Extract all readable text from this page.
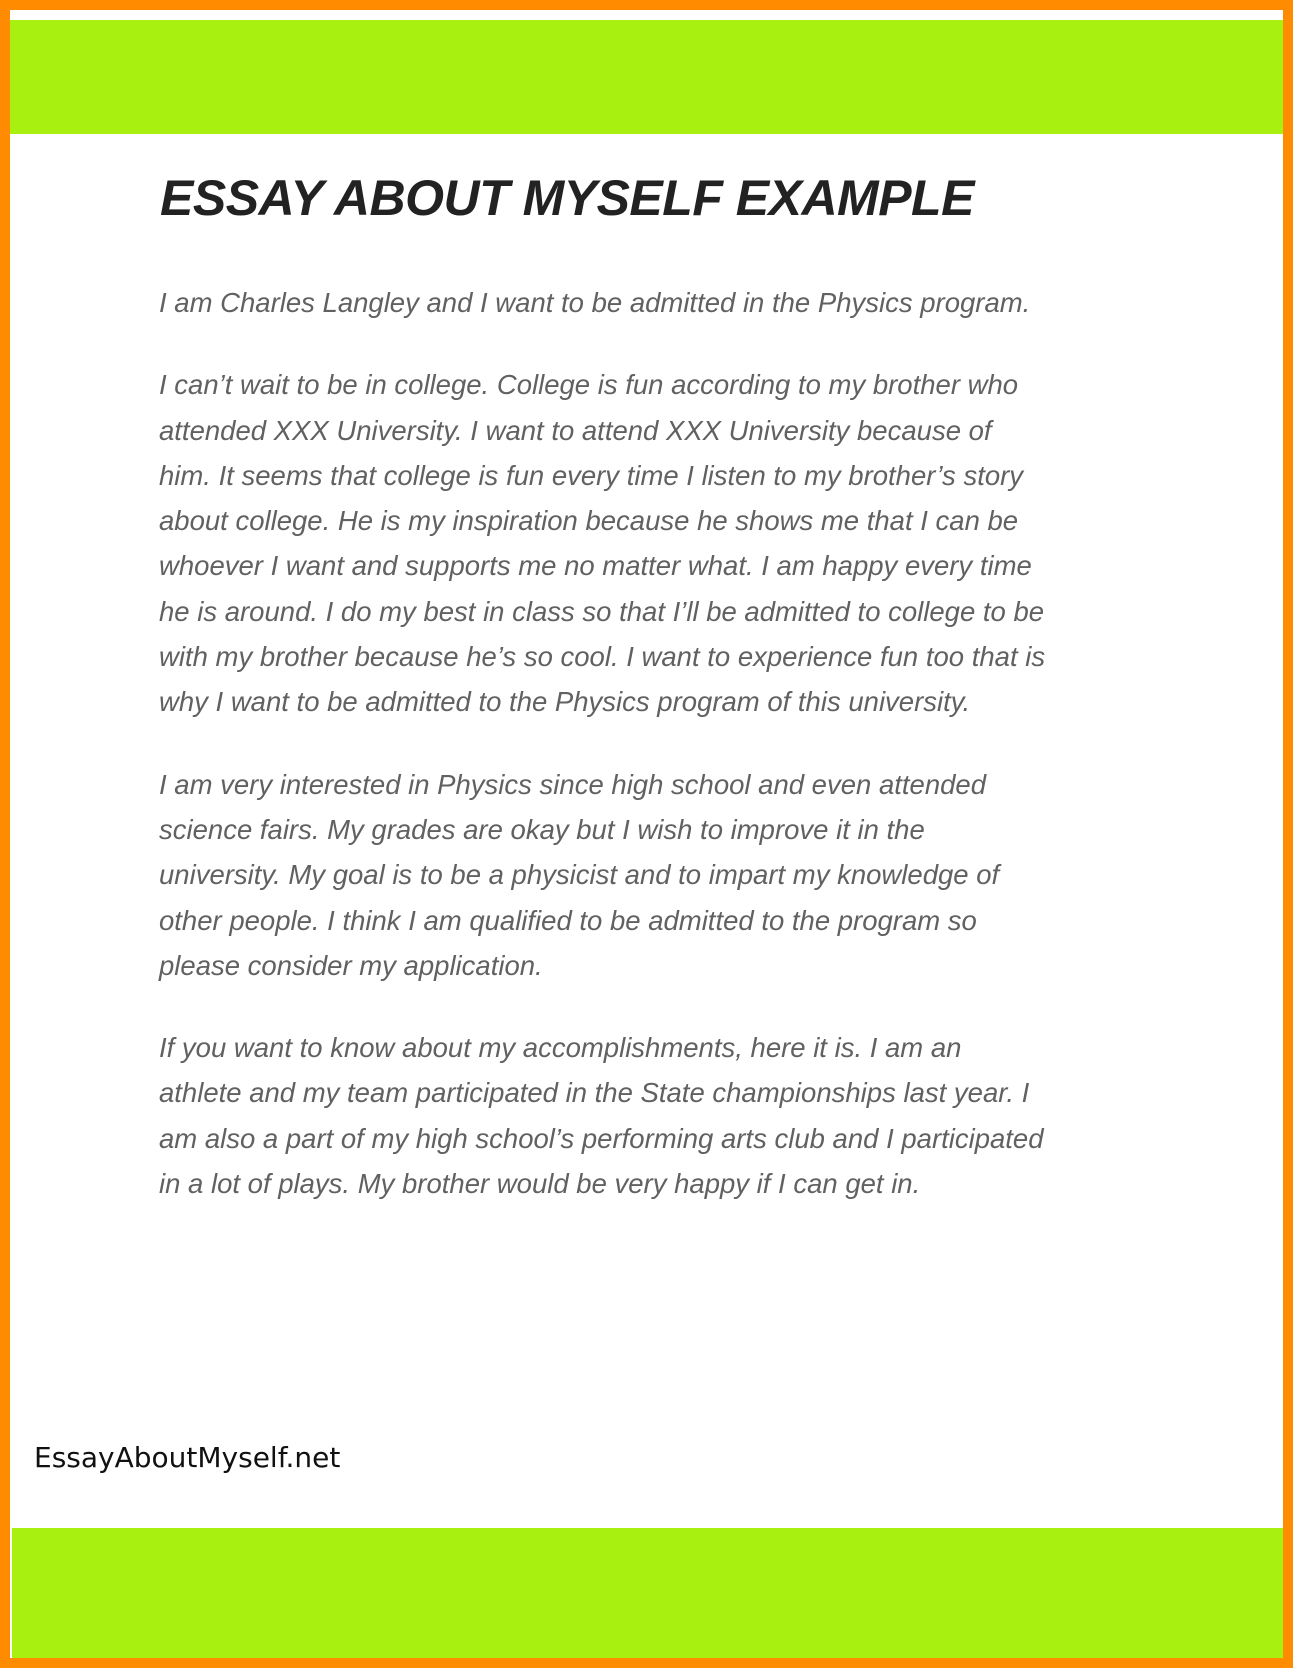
ESSAY ABOUT MYSELF EXAMPLE

I am Charles Langley and I want to be admitted in the Physics program.

I can’t wait to be in college. College is fun according to my brother who
attended XXX University. I want to attend XXX University because of
him. It seems that college is fun every time I listen to my brother’s story
about college. He is my inspiration because he shows me that I can be
whoever I want and supports me no matter what. I am happy every time
he is around. I do my best in class so that I’ll be admitted to college to be
with my brother because he’s so cool. I want to experience fun too that is
why I want to be admitted to the Physics program of this university.

I am very interested in Physics since high school and even attended
science fairs. My grades are okay but I wish to improve it in the
university. My goal is to be a physicist and to impart my knowledge of
other people. I think I am qualified to be admitted to the program so
please consider my application.

If you want to know about my accomplishments, here it is. I am an
athlete and my team participated in the State championships last year. I
am also a part of my high school’s performing arts club and I participated
in a lot of plays. My brother would be very happy if I can get in.

EssayAboutMyself.net
